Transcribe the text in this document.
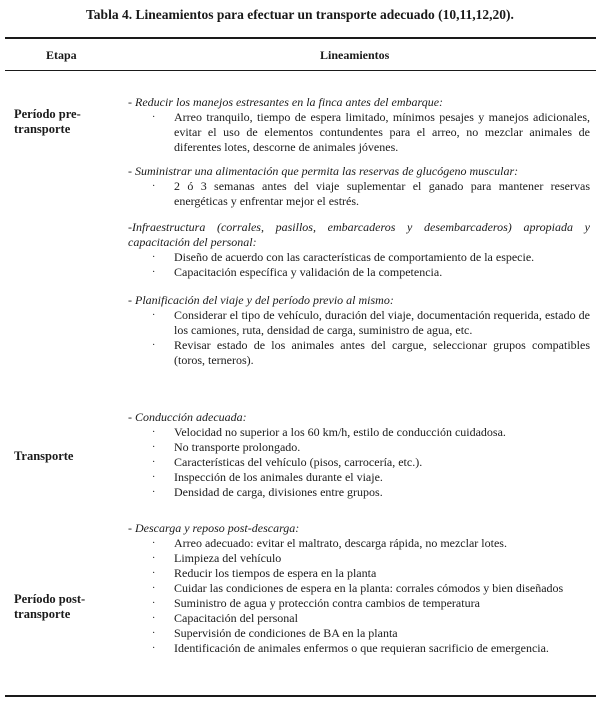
Tabla 4. Lineamientos para efectuar un transporte adecuado (10,11,12,20).
Etapa	Lineamientos
Período pre-transporte
Transporte
Período post-transporte
- Reducir los manejos estresantes en la finca antes del embarque:
· Arreo tranquilo, tiempo de espera limitado, mínimos pesajes y manejos adicionales, evitar el uso de elementos contundentes para el arreo, no mezclar animales de diferentes lotes, descorne de animales jóvenes.
- Suministrar una alimentación que permita las reservas de glucógeno muscular:
· 2 ó 3 semanas antes del viaje suplementar el ganado para mantener reservas energéticas y enfrentar mejor el estrés.
-Infraestructura (corrales, pasillos, embarcaderos y desembarcaderos) apropiada y capacitación del personal:
· Diseño de acuerdo con las características de comportamiento de la especie.
· Capacitación específica y validación de la competencia.
- Planificación del viaje y del período previo al mismo:
· Considerar el tipo de vehículo, duración del viaje, documentación requerida, estado de los camiones, ruta, densidad de carga, suministro de agua, etc.
· Revisar estado de los animales antes del cargue, seleccionar grupos compatibles (toros, terneros).
- Conducción adecuada:
· Velocidad no superior a los 60 km/h, estilo de conducción cuidadosa.
· No transporte prolongado.
· Características del vehículo (pisos, carrocería, etc.).
· Inspección de los animales durante el viaje.
· Densidad de carga, divisiones entre grupos.
- Descarga y reposo post-descarga:
· Arreo adecuado: evitar el maltrato, descarga rápida, no mezclar lotes.
· Limpieza del vehículo
· Reducir los tiempos de espera en la planta
· Cuidar las condiciones de espera en la planta: corrales cómodos y bien diseñados
· Suministro de agua y protección contra cambios de temperatura
· Capacitación del personal
· Supervisión de condiciones de BA en la planta
· Identificación de animales enfermos o que requieran sacrificio de emergencia.
